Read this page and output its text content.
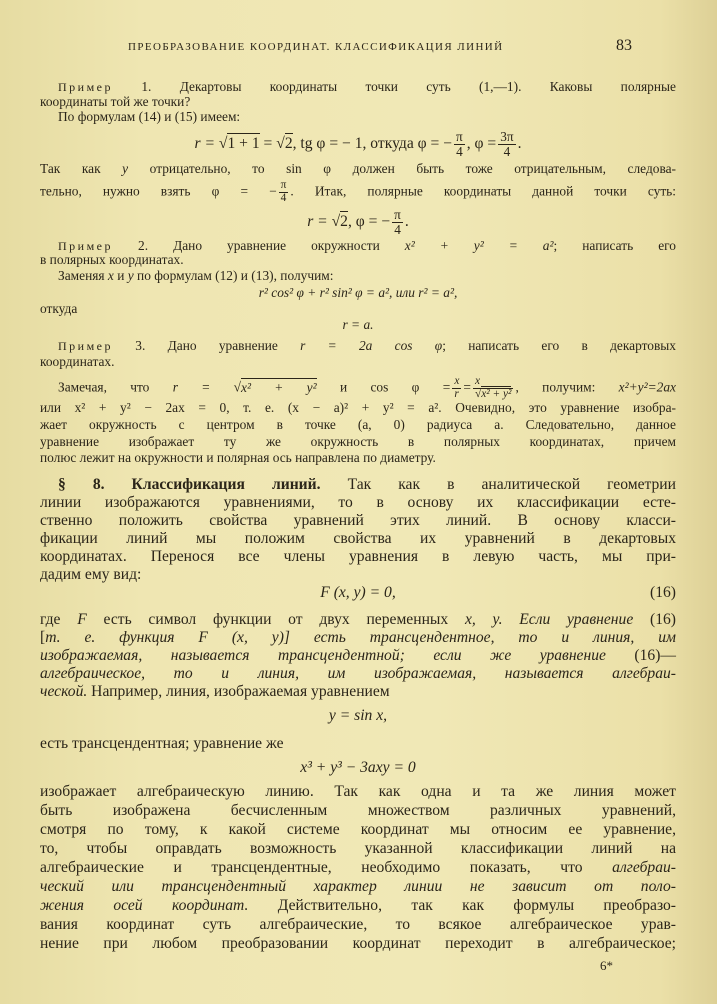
ПРЕОБРАЗОВАНИЕ КООРДИНАТ. КЛАССИФИКАЦИЯ ЛИНИЙ	83
Пример 1. Декартовы координаты точки суть (1,—1). Каковы полярные
координаты той же точки?
По формулам (14) и (15) имеем:
r = √1 + 1 = √2, tg φ = − 1, откуда φ = − $\frac{\pi}{4}$ , $\varphi = \frac{3\pi}{4}$ .
Так как y отрицательно, то sin φ должен быть тоже отрицательным, следова-
тельно, нужно взять φ = − $\frac{\pi}{4}$ . Итак, полярные координаты данной точки суть:
r = √2, φ = − $\frac{\pi}{4}$ .
Пример 2. Дано уравнение окружности x² + y² = a²; написать его
в полярных координатах.
Заменяя x и y по формулам (12) и (13), получим:
r² cos² φ + r² sin² φ = a², или r² = a²,
откуда
r = a.
Пример 3. Дано уравнение r = 2a cos φ; написать его в декартовых
координатах.
Замечая, что r = √x² + y² и $\cos \varphi = \frac{x}{r} = \frac{x}{\text{√x² + y²}}$ , получим: x²+y²=2ax
или x² + y² − 2ax = 0, т. е. (x − a)² + y² = a². Очевидно, это уравнение изобра-
жает окружность с центром в точке (a, 0) радиуса a. Следовательно, данное
уравнение изображает ту же окружность в полярных координатах, причем
полюс лежит на окружности и полярная ось направлена по диаметру.
§ 8. Классификация линий. Так как в аналитической геометрии
линии изображаются уравнениями, то в основу их классификации есте-
ственно положить свойства уравнений этих линий. В основу класси-
фикации линий мы положим свойства их уравнений в декартовых
координатах. Перенося все члены уравнения в левую часть, мы при-
дадим ему вид:
F (x, y) = 0,	(16)
где F есть символ функции от двух переменных x, y. Если уравнение (16)
[т. е. функция F (x, y)] есть трансцендентное, то и линия, им
изображаемая, называется трансцендентной; если же уравнение (16)—
алгебраическое, то и линия, им изображаемая, называется алгебраи-
ческой. Например, линия, изображаемая уравнением
y = sin x,
есть трансцендентная; уравнение же
x³ + y³ − 3axy = 0
изображает алгебраическую линию. Так как одна и та же линия может
быть изображена бесчисленным множеством различных уравнений,
смотря по тому, к какой системе координат мы относим ее уравнение,
то, чтобы оправдать возможность указанной классификации линий на
алгебраические и трансцендентные, необходимо показать, что алгебраи-
ческий или трансцендентный характер линии не зависит от поло-
жения осей координат. Действительно, так как формулы преобразо-
вания координат суть алгебраические, то всякое алгебраическое урав-
нение при любом преобразовании координат переходит в алгебраическое;
6*
